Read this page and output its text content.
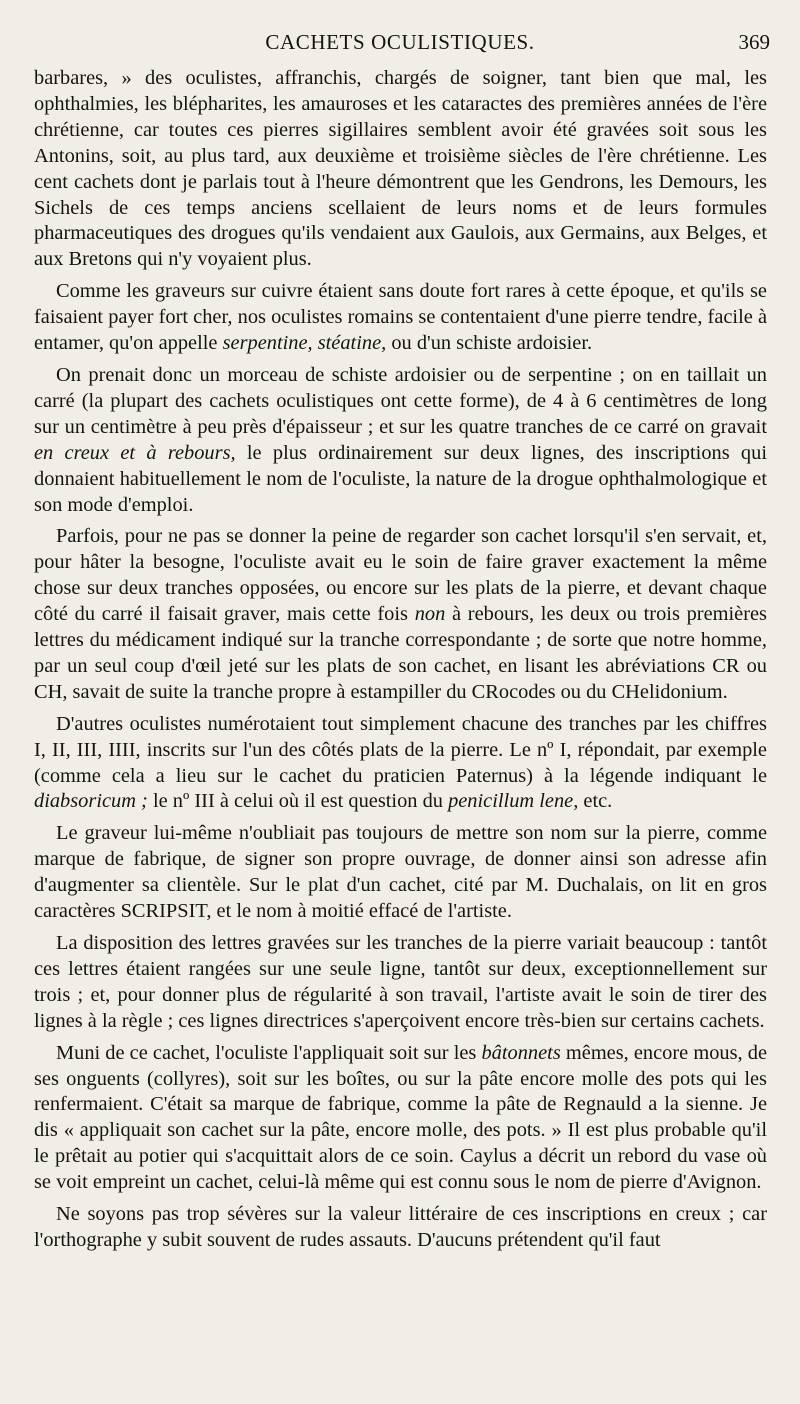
CACHETS OCULISTIQUES.	369

barbares, » des oculistes, affranchis, chargés de soigner, tant bien que mal, les ophthalmies, les blépharites, les amauroses et les cataractes des premières années de l'ère chrétienne, car toutes ces pierres sigillaires semblent avoir été gravées soit sous les Antonins, soit, au plus tard, aux deuxième et troisième siècles de l'ère chrétienne. Les cent cachets dont je parlais tout à l'heure démontrent que les Gendrons, les Demours, les Sichels de ces temps anciens scellaient de leurs noms et de leurs formules pharmaceutiques des drogues qu'ils vendaient aux Gaulois, aux Germains, aux Belges, et aux Bretons qui n'y voyaient plus.

Comme les graveurs sur cuivre étaient sans doute fort rares à cette époque, et qu'ils se faisaient payer fort cher, nos oculistes romains se contentaient d'une pierre tendre, facile à entamer, qu'on appelle serpentine, stéatine, ou d'un schiste ardoisier.

On prenait donc un morceau de schiste ardoisier ou de serpentine ; on en taillait un carré (la plupart des cachets oculistiques ont cette forme), de 4 à 6 centimètres de long sur un centimètre à peu près d'épaisseur ; et sur les quatre tranches de ce carré on gravait en creux et à rebours, le plus ordinairement sur deux lignes, des inscriptions qui donnaient habituellement le nom de l'oculiste, la nature de la drogue ophthalmologique et son mode d'emploi.

Parfois, pour ne pas se donner la peine de regarder son cachet lorsqu'il s'en servait, et, pour hâter la besogne, l'oculiste avait eu le soin de faire graver exactement la même chose sur deux tranches opposées, ou encore sur les plats de la pierre, et devant chaque côté du carré il faisait graver, mais cette fois non à rebours, les deux ou trois premières lettres du médicament indiqué sur la tranche correspondante ; de sorte que notre homme, par un seul coup d'œil jeté sur les plats de son cachet, en lisant les abréviations CR ou CH, savait de suite la tranche propre à estampiller du CRocodes ou du CHelidonium.

D'autres oculistes numérotaient tout simplement chacune des tranches par les chiffres I, II, III, IIII, inscrits sur l'un des côtés plats de la pierre. Le nº I, répondait, par exemple (comme cela a lieu sur le cachet du praticien Paternus) à la légende indiquant le diabsoricum ; le nº III à celui où il est question du penicillum lene, etc.

Le graveur lui-même n'oubliait pas toujours de mettre son nom sur la pierre, comme marque de fabrique, de signer son propre ouvrage, de donner ainsi son adresse afin d'augmenter sa clientèle. Sur le plat d'un cachet, cité par M. Duchalais, on lit en gros caractères SCRIPSIT, et le nom à moitié effacé de l'artiste.

La disposition des lettres gravées sur les tranches de la pierre variait beaucoup : tantôt ces lettres étaient rangées sur une seule ligne, tantôt sur deux, exceptionnellement sur trois ; et, pour donner plus de régularité à son travail, l'artiste avait le soin de tirer des lignes à la règle ; ces lignes directrices s'aperçoivent encore très-bien sur certains cachets.

Muni de ce cachet, l'oculiste l'appliquait soit sur les bâtonnets mêmes, encore mous, de ses onguents (collyres), soit sur les boîtes, ou sur la pâte encore molle des pots qui les renfermaient. C'était sa marque de fabrique, comme la pâte de Regnauld a la sienne. Je dis « appliquait son cachet sur la pâte, encore molle, des pots. » Il est plus probable qu'il le prêtait au potier qui s'acquittait alors de ce soin. Caylus a décrit un rebord du vase où se voit empreint un cachet, celui-là même qui est connu sous le nom de pierre d'Avignon.

Ne soyons pas trop sévères sur la valeur littéraire de ces inscriptions en creux ; car l'orthographe y subit souvent de rudes assauts. D'aucuns prétendent qu'il faut
